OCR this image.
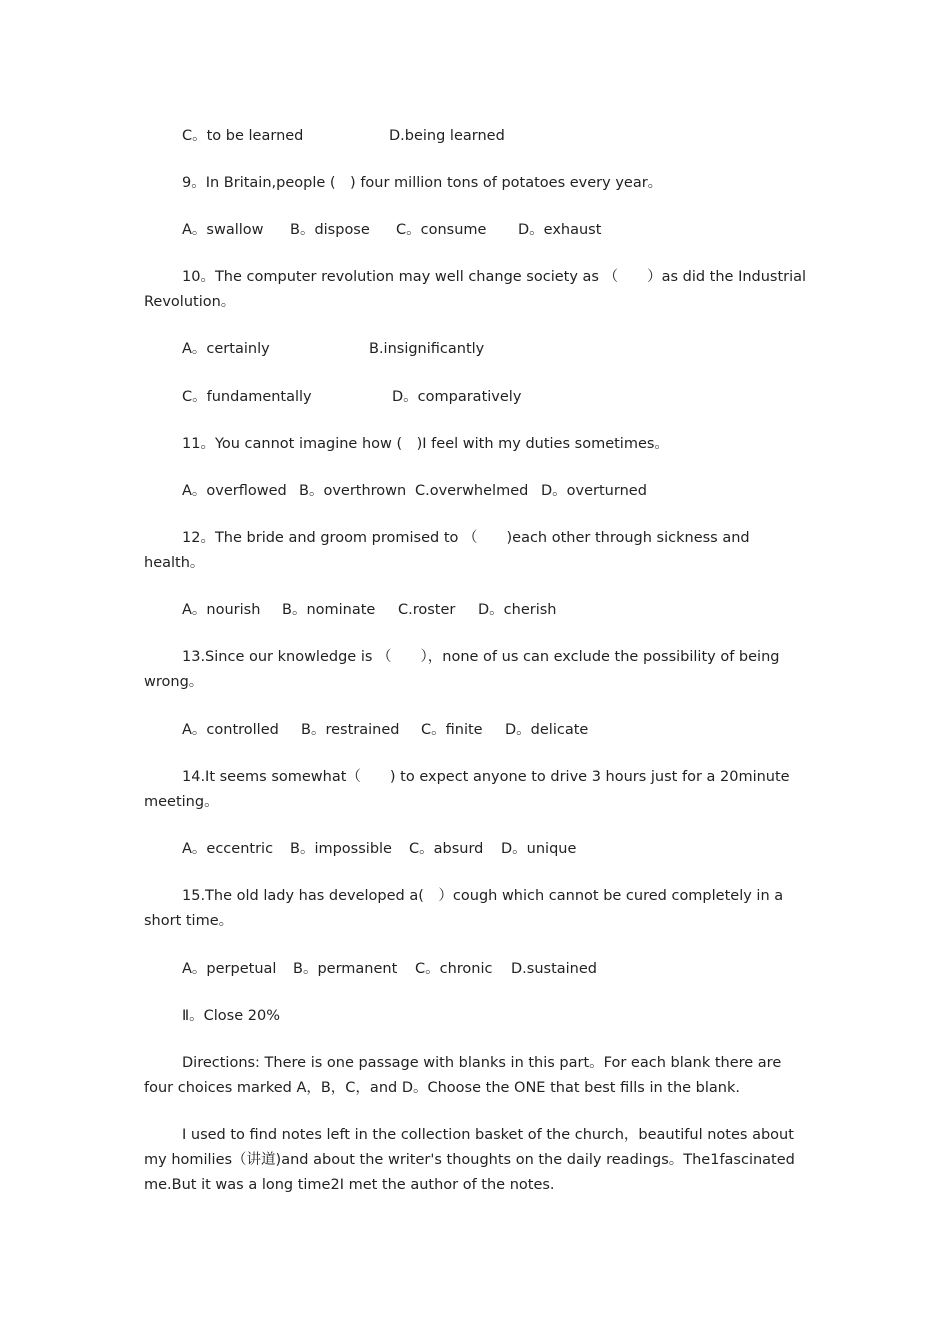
C。to be learned	D.being learned

9。In Britain,people (　) four million tons of potatoes every year。

A。swallow B。dispose C。consume D。exhaust

10。The computer revolution may well change society as （　　）as did the Industrial Revolution。

A。certainly	B.insignificantly
C。fundamentally	D。comparatively

11。You cannot imagine how (　)I feel with my duties sometimes。

A。overflowed B。overthrown C.overwhelmed D。overturned

12。The bride and groom promised to （　　)each other through sickness and health。

A。nourish B。nominate C.roster D。cherish

13.Since our knowledge is （　　），none of us can exclude the possibility of being wrong。

A。controlled B。restrained C。finite D。delicate

14.It seems somewhat（　　) to expect anyone to drive 3 hours just for a 20minute meeting。

A。eccentric B。impossible C。absurd D。unique

15.The old lady has developed a(　）cough which cannot be cured completely in a short time。

A。perpetual B。permanent C。chronic D.sustained
Ⅱ。Close 20%

Directions: There is one passage with blanks in this part。For each blank there are four choices marked A，B，C，and D。Choose the ONE that best fills in the blank.

I used to find notes left in the collection basket of the church，beautiful notes about my homilies（讲道)and about the writer's thoughts on the daily readings。The1fascinated me.But it was a long time2I met the author of the notes.
